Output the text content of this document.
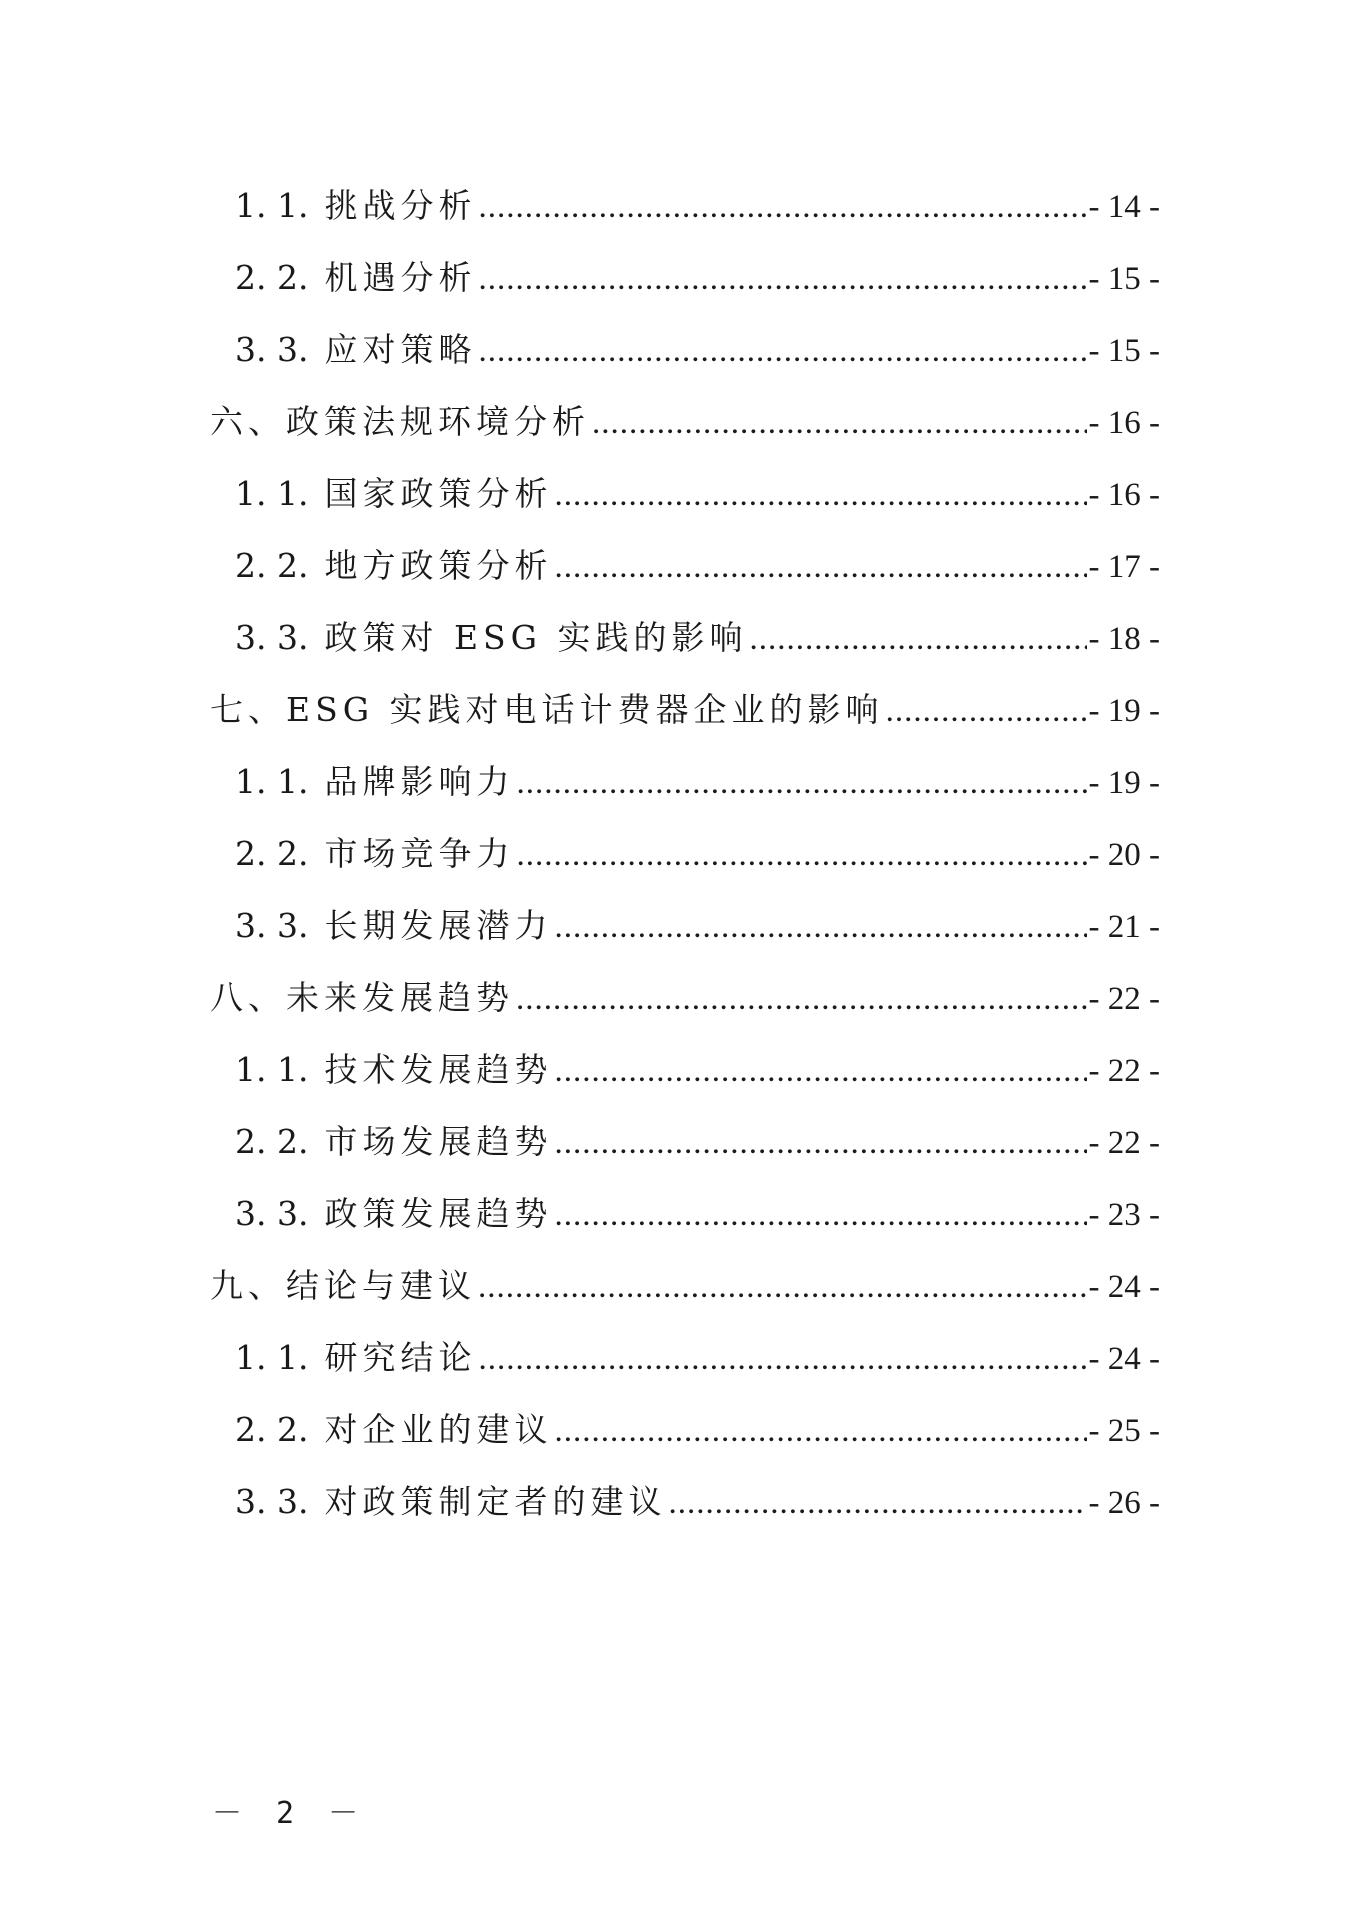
1. 1. 挑战分析 .....	- 14 -
2. 2. 机遇分析 .....	- 15 -
3. 3. 应对策略 .....	- 15 -
六、政策法规环境分析 .....	- 16 -
1. 1. 国家政策分析 .....	- 16 -
2. 2. 地方政策分析 .....	- 17 -
3. 3. 政策对 ESG 实践的影响 .....	- 18 -
七、ESG 实践对电话计费器企业的影响 .....	- 19 -
1. 1. 品牌影响力 .....	- 19 -
2. 2. 市场竞争力 .....	- 20 -
3. 3. 长期发展潜力 .....	- 21 -
八、未来发展趋势 .....	- 22 -
1. 1. 技术发展趋势 .....	- 22 -
2. 2. 市场发展趋势 .....	- 22 -
3. 3. 政策发展趋势 .....	- 23 -
九、结论与建议 .....	- 24 -
1. 1. 研究结论 .....	- 24 -
2. 2. 对企业的建议 .....	- 25 -
3. 3. 对政策制定者的建议 .....	- 26 -
－ 2 －
